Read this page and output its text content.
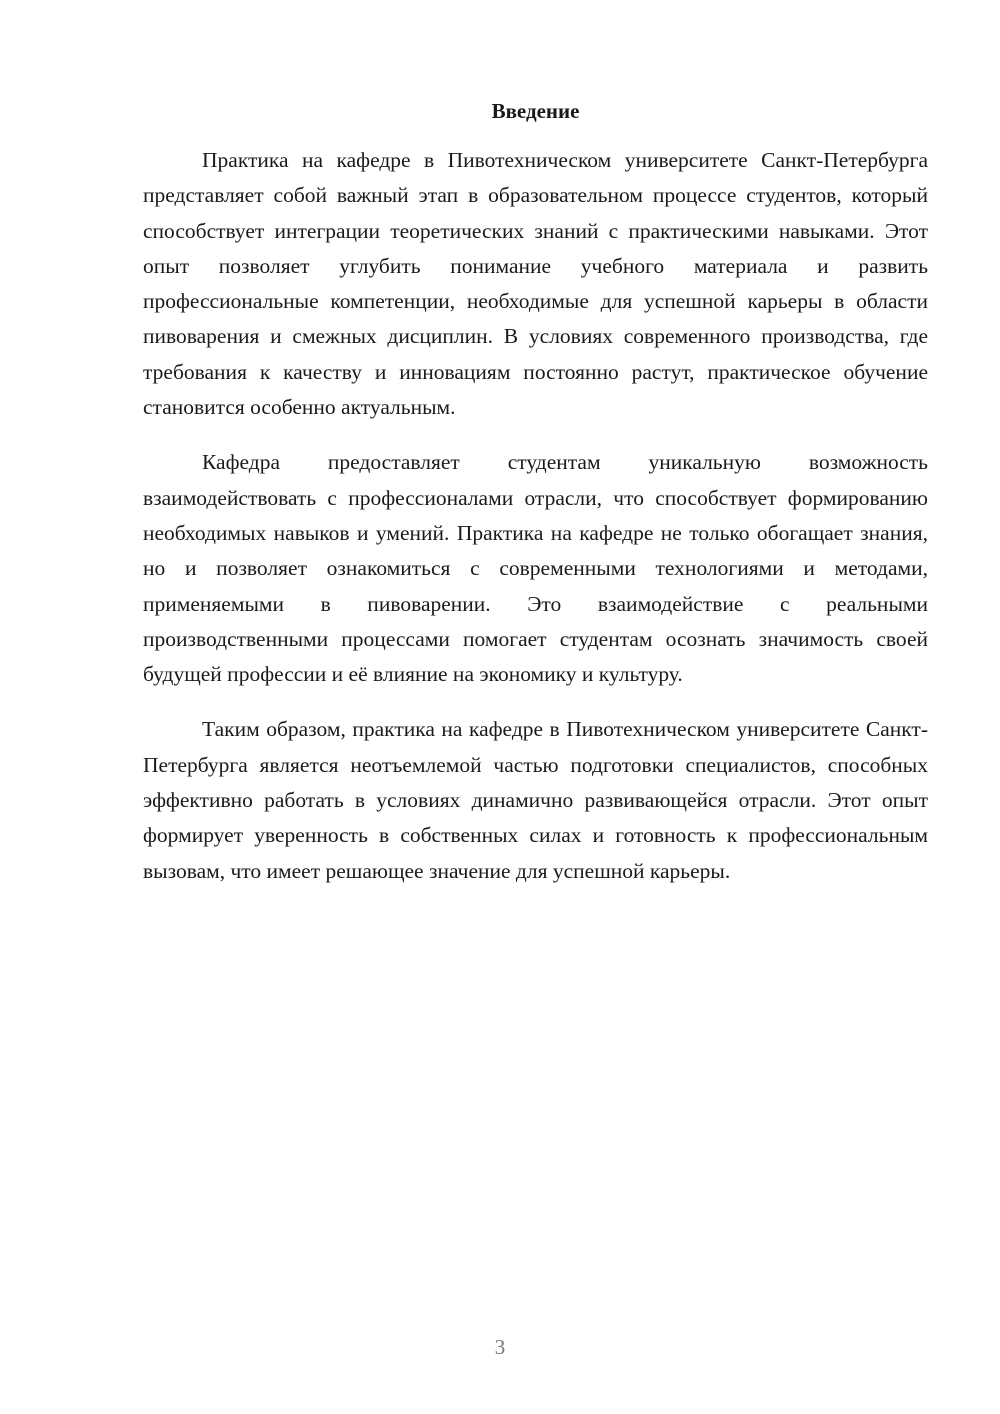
Введение

Практика на кафедре в Пивотехническом университете Санкт-Петербурга представляет собой важный этап в образовательном процессе студентов, который способствует интеграции теоретических знаний с практическими навыками. Этот опыт позволяет углубить понимание учебного материала и развить профессиональные компетенции, необходимые для успешной карьеры в области пивоварения и смежных дисциплин. В условиях современного производства, где требования к качеству и инновациям постоянно растут, практическое обучение становится особенно актуальным.

Кафедра предоставляет студентам уникальную возможность взаимодействовать с профессионалами отрасли, что способствует формированию необходимых навыков и умений. Практика на кафедре не только обогащает знания, но и позволяет ознакомиться с современными технологиями и методами, применяемыми в пивоварении. Это взаимодействие с реальными производственными процессами помогает студентам осознать значимость своей будущей профессии и её влияние на экономику и культуру.

Таким образом, практика на кафедре в Пивотехническом университете Санкт-Петербурга является неотъемлемой частью подготовки специалистов, способных эффективно работать в условиях динамично развивающейся отрасли. Этот опыт формирует уверенность в собственных силах и готовность к профессиональным вызовам, что имеет решающее значение для успешной карьеры.

3
